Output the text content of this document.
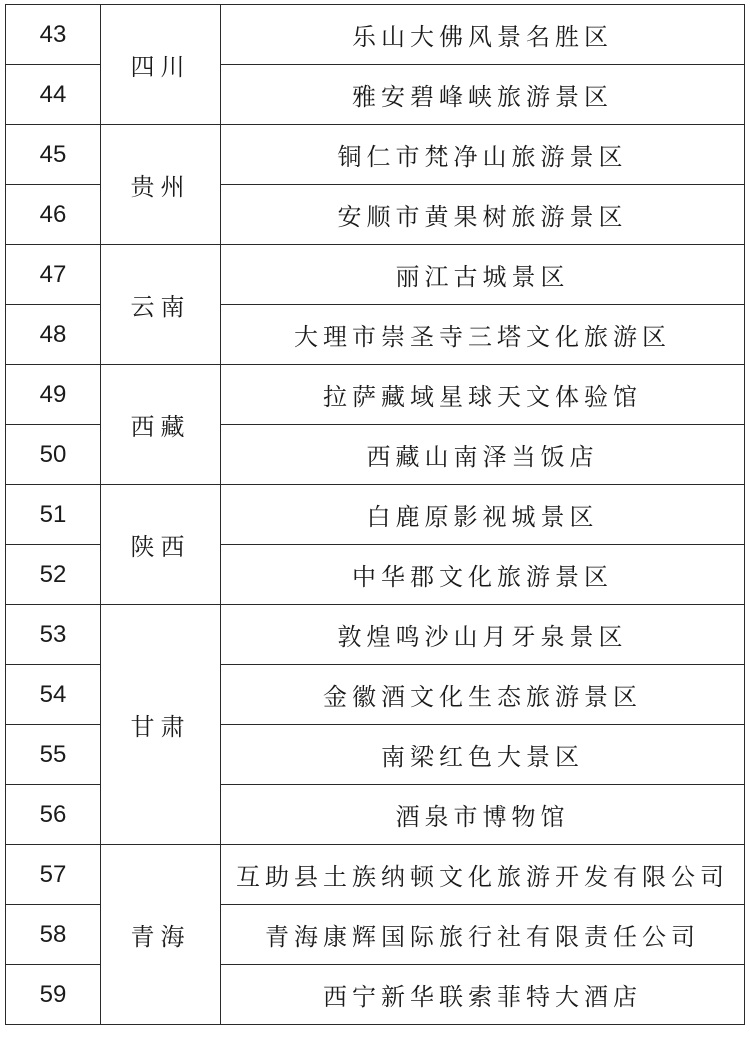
43	四川	乐山大佛风景名胜区
44		雅安碧峰峡旅游景区
45	贵州	铜仁市梵净山旅游景区
46		安顺市黄果树旅游景区
47	云南	丽江古城景区
48		大理市崇圣寺三塔文化旅游区
49	西藏	拉萨藏域星球天文体验馆
50		西藏山南泽当饭店
51	陕西	白鹿原影视城景区
52		中华郡文化旅游景区
53	甘肃	敦煌鸣沙山月牙泉景区
54		金徽酒文化生态旅游景区
55		南梁红色大景区
56		酒泉市博物馆
57	青海	互助县土族纳顿文化旅游开发有限公司
58		青海康辉国际旅行社有限责任公司
59		西宁新华联索菲特大酒店
